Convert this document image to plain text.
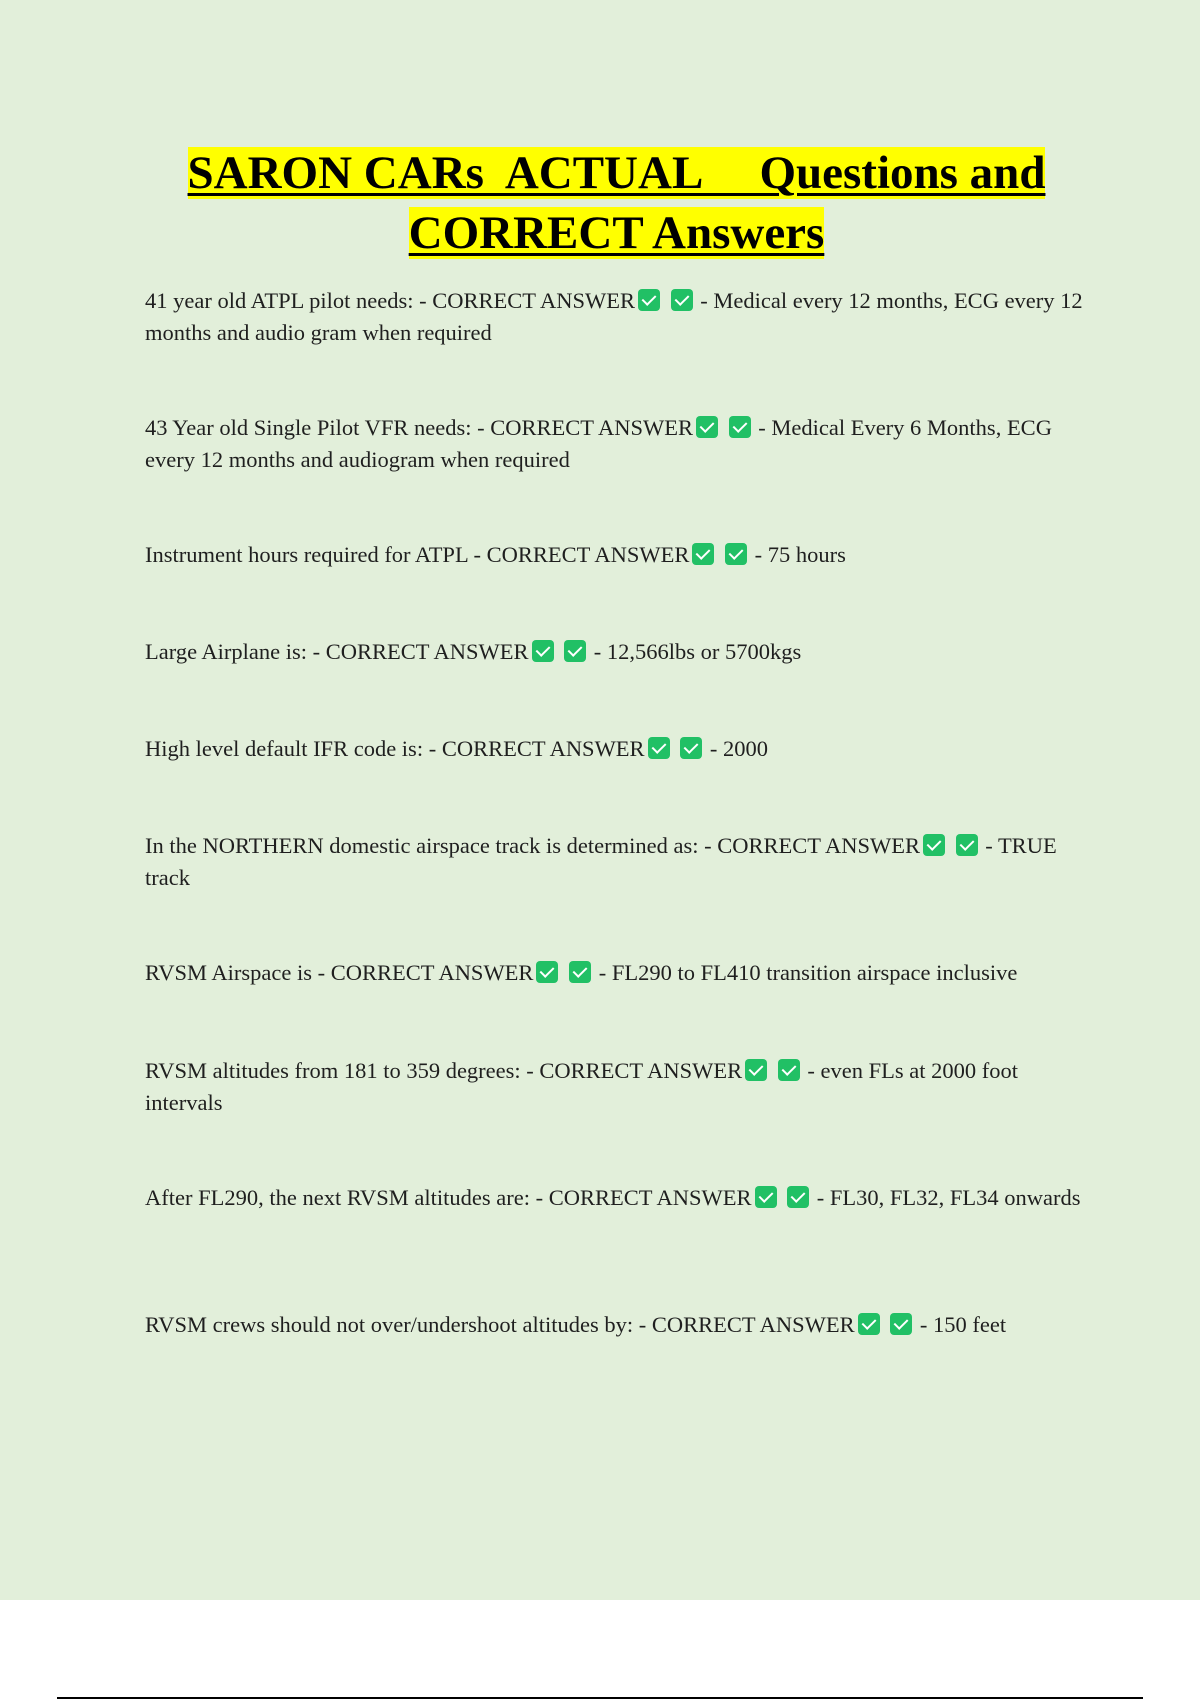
SARON CARs  ACTUAL     Questions and
CORRECT Answers
41 year old ATPL pilot needs: - CORRECT ANSWER	- Medical every 12 months, ECG every 12 months and audio gram when required
43 Year old Single Pilot VFR needs: - CORRECT ANSWER	- Medical Every 6 Months, ECG every 12 months and audiogram when required
Instrument hours required for ATPL - CORRECT ANSWER	- 75 hours
Large Airplane is: - CORRECT ANSWER	- 12,566lbs or 5700kgs
High level default IFR code is: - CORRECT ANSWER	- 2000
In the NORTHERN domestic airspace track is determined as: - CORRECT ANSWER	- TRUE track
RVSM Airspace is - CORRECT ANSWER	- FL290 to FL410 transition airspace inclusive
RVSM altitudes from 181 to 359 degrees: - CORRECT ANSWER	- even FLs at 2000 foot intervals
After FL290, the next RVSM altitudes are: - CORRECT ANSWER	- FL30, FL32, FL34 onwards
RVSM crews should not over/undershoot altitudes by: - CORRECT ANSWER	- 150 feet
